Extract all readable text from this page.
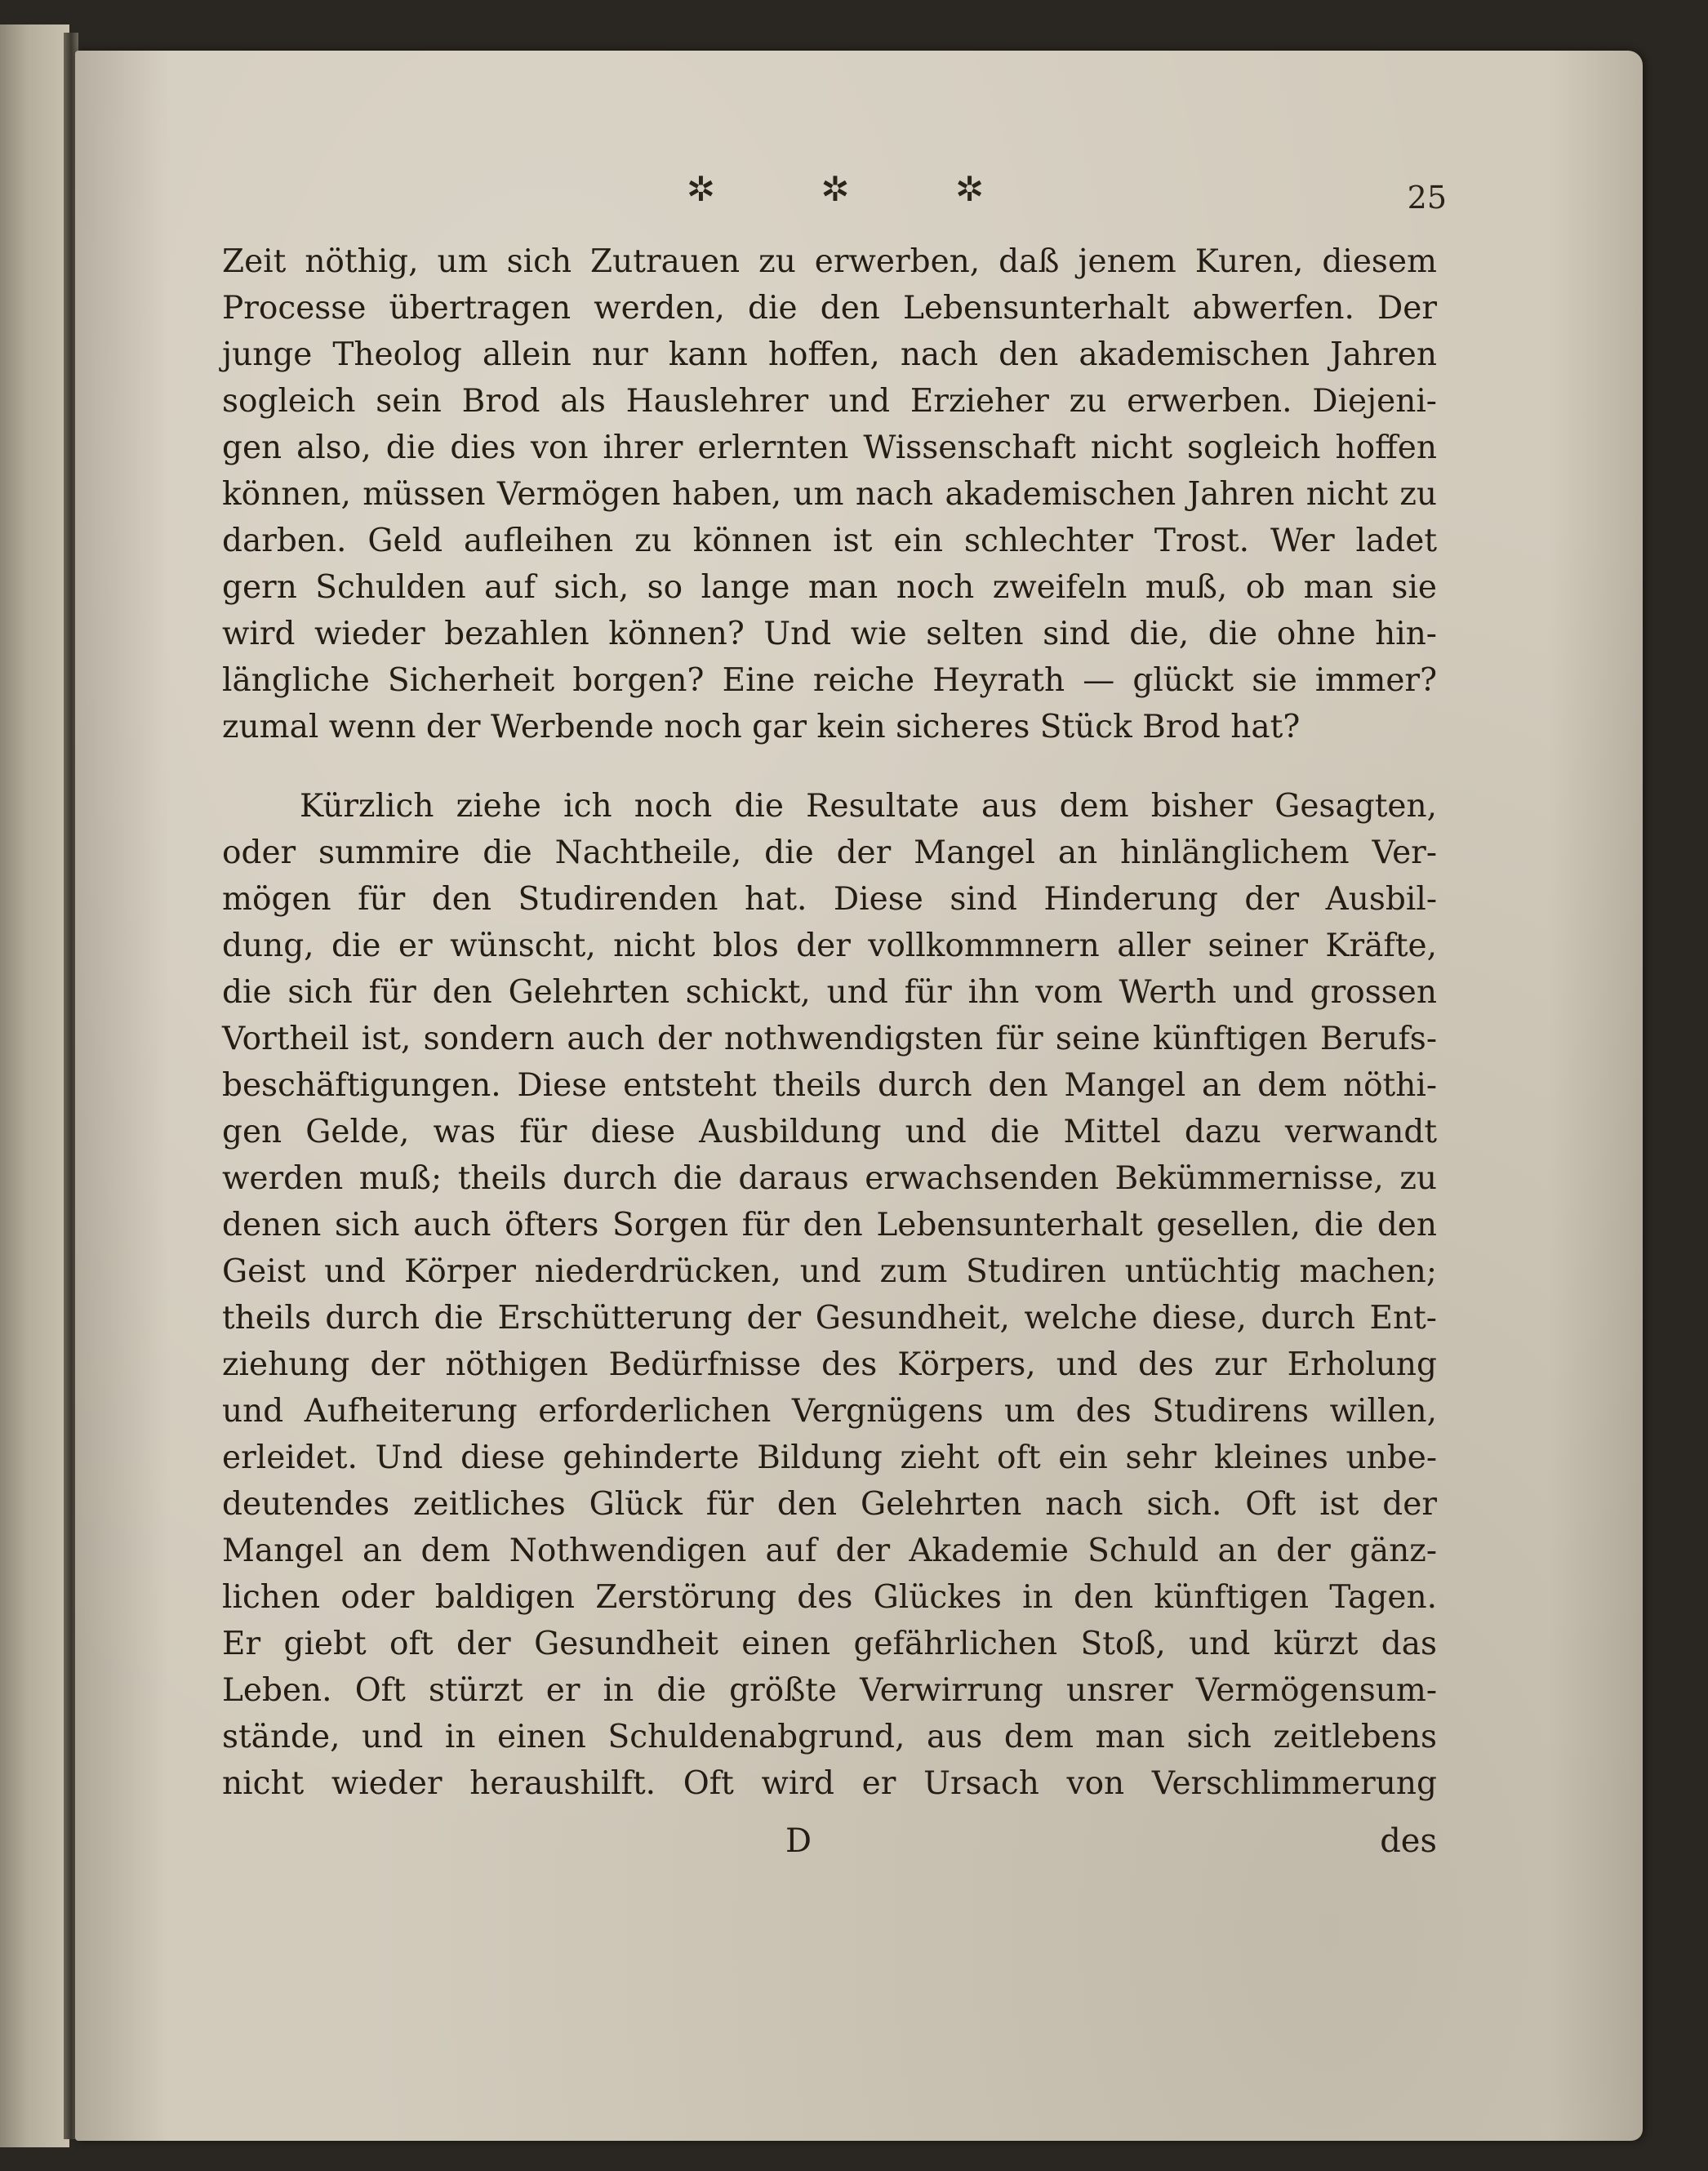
✲ ✲ ✲	25
Zeit nöthig, um sich Zutrauen zu erwerben, daß jenem Kuren, diesem
Processe übertragen werden, die den Lebensunterhalt abwerfen. Der
junge Theolog allein nur kann hoffen, nach den akademischen Jahren
sogleich sein Brod als Hauslehrer und Erzieher zu erwerben. Diejeni-
gen also, die dies von ihrer erlernten Wissenschaft nicht sogleich hoffen
können, müssen Vermögen haben, um nach akademischen Jahren nicht zu
darben. Geld aufleihen zu können ist ein schlechter Trost. Wer ladet
gern Schulden auf sich, so lange man noch zweifeln muß, ob man sie
wird wieder bezahlen können? Und wie selten sind die, die ohne hin-
längliche Sicherheit borgen? Eine reiche Heyrath — glückt sie immer?
zumal wenn der Werbende noch gar kein sicheres Stück Brod hat?
Kürzlich ziehe ich noch die Resultate aus dem bisher Gesagten,
oder summire die Nachtheile, die der Mangel an hinlänglichem Ver-
mögen für den Studirenden hat. Diese sind Hinderung der Ausbil-
dung, die er wünscht, nicht blos der vollkommnern aller seiner Kräfte,
die sich für den Gelehrten schickt, und für ihn vom Werth und grossen
Vortheil ist, sondern auch der nothwendigsten für seine künftigen Berufs-
beschäftigungen. Diese entsteht theils durch den Mangel an dem nöthi-
gen Gelde, was für diese Ausbildung und die Mittel dazu verwandt
werden muß; theils durch die daraus erwachsenden Bekümmernisse, zu
denen sich auch öfters Sorgen für den Lebensunterhalt gesellen, die den
Geist und Körper niederdrücken, und zum Studiren untüchtig machen;
theils durch die Erschütterung der Gesundheit, welche diese, durch Ent-
ziehung der nöthigen Bedürfnisse des Körpers, und des zur Erholung
und Aufheiterung erforderlichen Vergnügens um des Studirens willen,
erleidet. Und diese gehinderte Bildung zieht oft ein sehr kleines unbe-
deutendes zeitliches Glück für den Gelehrten nach sich. Oft ist der
Mangel an dem Nothwendigen auf der Akademie Schuld an der gänz-
lichen oder baldigen Zerstörung des Glückes in den künftigen Tagen.
Er giebt oft der Gesundheit einen gefährlichen Stoß, und kürzt das
Leben. Oft stürzt er in die größte Verwirrung unsrer Vermögensum-
stände, und in einen Schuldenabgrund, aus dem man sich zeitlebens
nicht wieder heraushilft. Oft wird er Ursach von Verschlimmerung
D	des
